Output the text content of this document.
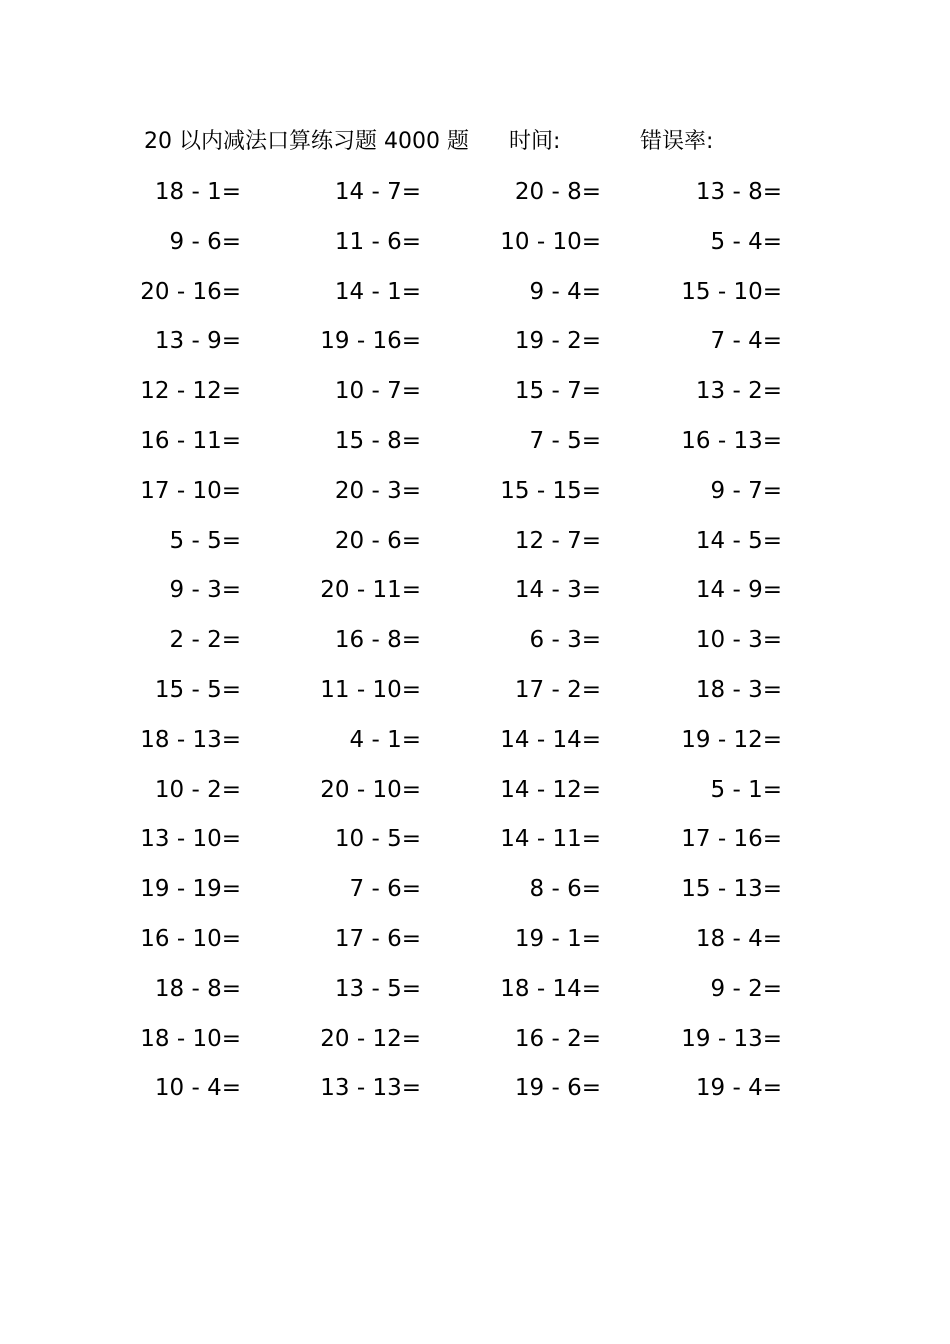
20 以内减法口算练习题 4000 题 时间:	错误率:
18 - 1=	14 - 7=	20 - 8=	13 - 8=
9 - 6=	11 - 6=	10 - 10=	5 - 4=
20 - 16=	14 - 1=	9 - 4=	15 - 10=
13 - 9=	19 - 16=	19 - 2=	7 - 4=
12 - 12=	10 - 7=	15 - 7=	13 - 2=
16 - 11=	15 - 8=	7 - 5=	16 - 13=
17 - 10=	20 - 3=	15 - 15=	9 - 7=
5 - 5=	20 - 6=	12 - 7=	14 - 5=
9 - 3=	20 - 11=	14 - 3=	14 - 9=
2 - 2=	16 - 8=	6 - 3=	10 - 3=
15 - 5=	11 - 10=	17 - 2=	18 - 3=
18 - 13=	4 - 1=	14 - 14=	19 - 12=
10 - 2=	20 - 10=	14 - 12=	5 - 1=
13 - 10=	10 - 5=	14 - 11=	17 - 16=
19 - 19=	7 - 6=	8 - 6=	15 - 13=
16 - 10=	17 - 6=	19 - 1=	18 - 4=
18 - 8=	13 - 5=	18 - 14=	9 - 2=
18 - 10=	20 - 12=	16 - 2=	19 - 13=
10 - 4=	13 - 13=	19 - 6=	19 - 4=
